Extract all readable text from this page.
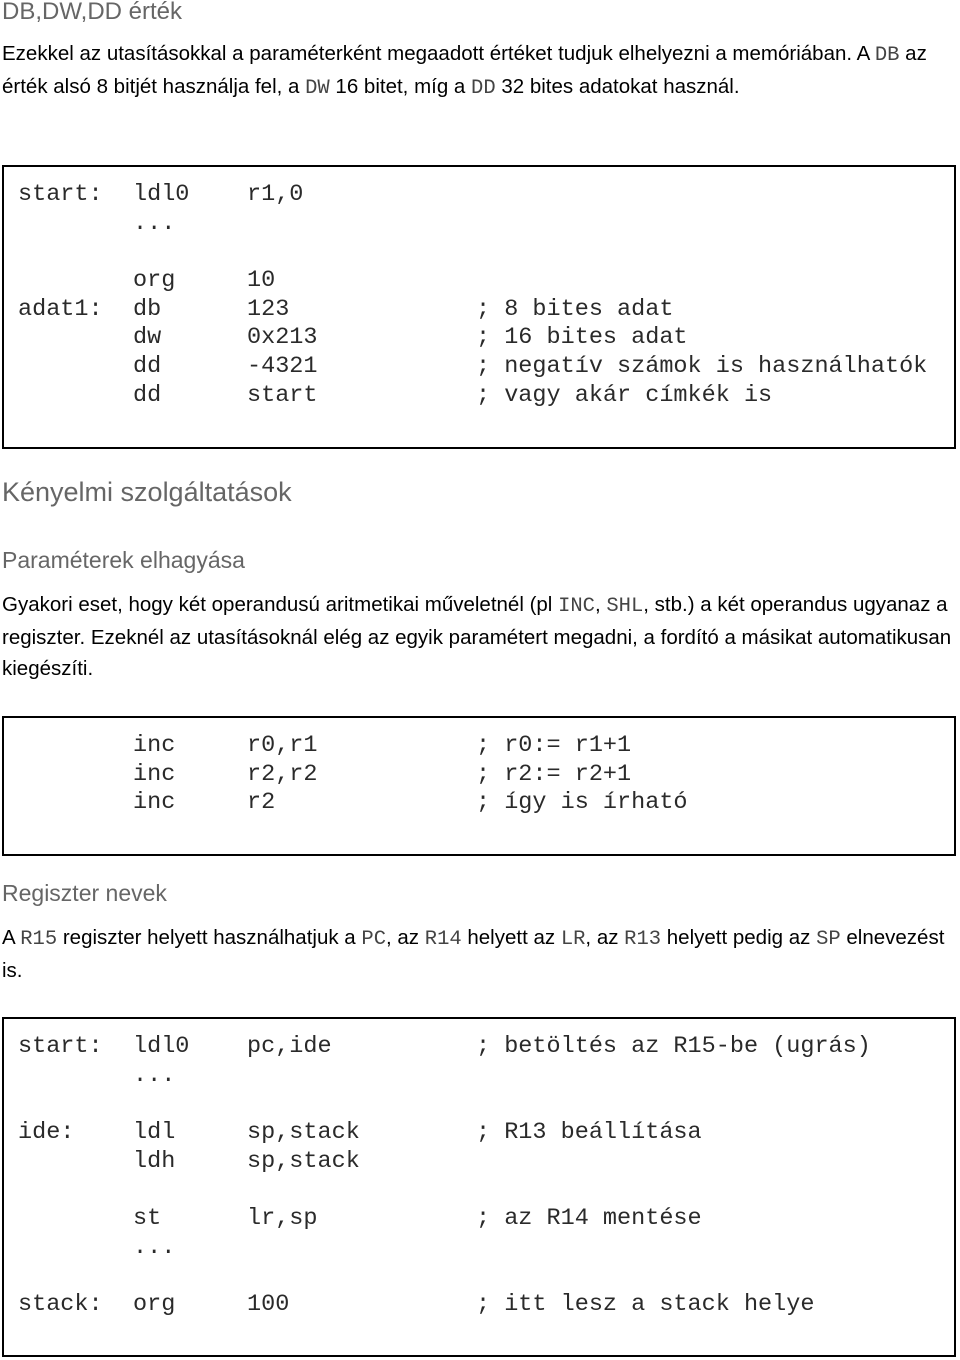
DB,DW,DD érték
Ezekkel az utasításokkal a paraméterként megaadott értéket tudjuk elhelyezni a memóriában. A DB az érték alsó 8 bitjét használja fel, a DW 16 bitet, míg a DD 32 bites adatokat használ.
start: ldl0 r1,0
...
org	10
adat1: db	123	; 8 bites adat
dw	0x213	; 16 bites adat
dd	-4321	; negatív számok is használhatók
dd	start	; vagy akár címkék is
Kényelmi szolgáltatások
Paraméterek elhagyása
Gyakori eset, hogy két operandusú aritmetikai műveletnél (pl INC, SHL, stb.) a két operandus ugyanaz a regiszter. Ezeknél az utasításoknál elég az egyik paramétert megadni, a fordító a másikat automatikusan kiegészíti.
inc	r0,r1	; r0:= r1+1
inc	r2,r2	; r2:= r2+1
inc	r2	; így is írható
Regiszter nevek
A R15 regiszter helyett használhatjuk a PC, az R14 helyett az LR, az R13 helyett pedig az SP elnevezést is.
start: ldl0 pc,ide	; betöltés az R15-be (ugrás)
...
ide: ldl	sp,stack	; R13 beállítása
ldh	sp,stack
st	lr,sp	; az R14 mentése
...
stack: org	100	; itt lesz a stack helye
